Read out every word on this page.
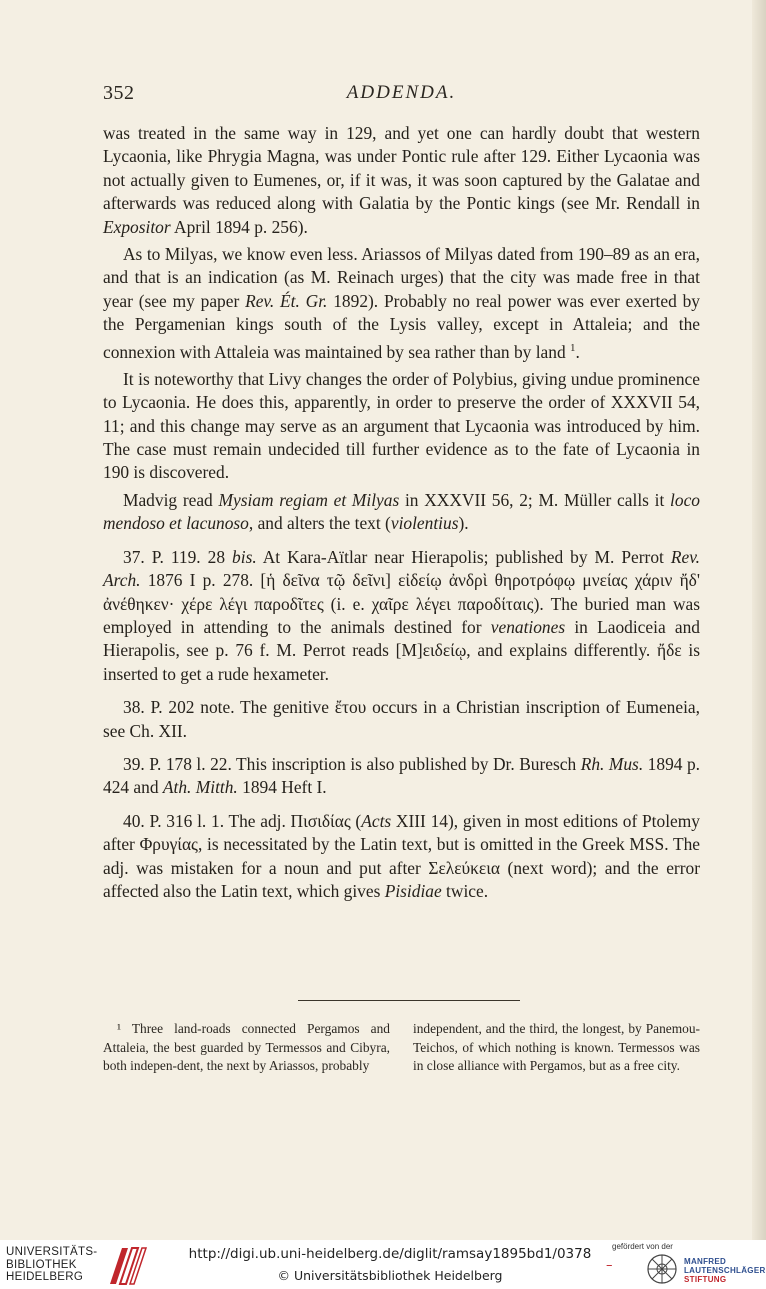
352	ADDENDA.

was treated in the same way in 129, and yet one can hardly doubt that western Lycaonia, like Phrygia Magna, was under Pontic rule after 129. Either Lycaonia was not actually given to Eumenes, or, if it was, it was soon captured by the Galatae and afterwards was reduced along with Galatia by the Pontic kings (see Mr. Rendall in Expositor April 1894 p. 256).

As to Milyas, we know even less. Ariassos of Milyas dated from 190–89 as an era, and that is an indication (as M. Reinach urges) that the city was made free in that year (see my paper Rev. Ét. Gr. 1892). Probably no real power was ever exerted by the Pergamenian kings south of the Lysis valley, except in Attaleia; and the connexion with Attaleia was maintained by sea rather than by land $^1$.

It is noteworthy that Livy changes the order of Polybius, giving undue prominence to Lycaonia. He does this, apparently, in order to preserve the order of XXXVII 54, 11; and this change may serve as an argument that Lycaonia was introduced by him. The case must remain undecided till further evidence as to the fate of Lycaonia in 190 is discovered.

Madvig read Mysiam regiam et Milyas in XXXVII 56, 2; M. Müller calls it loco mendoso et lacunoso, and alters the text (violentius).

37. P. 119. 28 bis. At Kara-Aïtlar near Hierapolis; published by M. Perrot Rev. Arch. 1876 I p. 278. [ἡ δεῖνα τῷ δεῖνι] εἰδείῳ ἀνδρὶ θηροτρόφῳ μνείας χάριν ἤδ' ἀνέθηκεν· χέρε λέγι παροδῖτες (i. e. χαῖρε λέγει παροδίταις). The buried man was employed in attending to the animals destined for venationes in Laodiceia and Hierapolis, see p. 76 f. M. Perrot reads [Μ]ειδείῳ, and explains differently. ἤδε is inserted to get a rude hexameter.

38. P. 202 note. The genitive ἔτου occurs in a Christian inscription of Eumeneia, see Ch. XII.

39. P. 178 l. 22. This inscription is also published by Dr. Buresch Rh. Mus. 1894 p. 424 and Ath. Mitth. 1894 Heft I.

40. P. 316 l. 1. The adj. Πισιδίας (Acts XIII 14), given in most editions of Ptolemy after Φρυγίας, is necessitated by the Latin text, but is omitted in the Greek MSS. The adj. was mistaken for a noun and put after Σελεύκεια (next word); and the error affected also the Latin text, which gives Pisidiae twice.

¹ Three land-roads connected Pergamos and Attaleia, the best guarded by Termessos and Cibyra, both indepen-dent, the next by Ariassos, probably

independent, and the third, the longest, by Panemou-Teichos, of which nothing is known. Termessos was in close alliance with Pergamos, but as a free city.

UNIVERSITÄTS-
BIBLIOTHEK
HEIDELBERG
http://digi.ub.uni-heidelberg.de/diglit/ramsay1895bd1/0378
© Universitätsbibliothek Heidelberg
–
gefördert von der
MANFRED
LAUTENSCHLÄGER
STIFTUNG
